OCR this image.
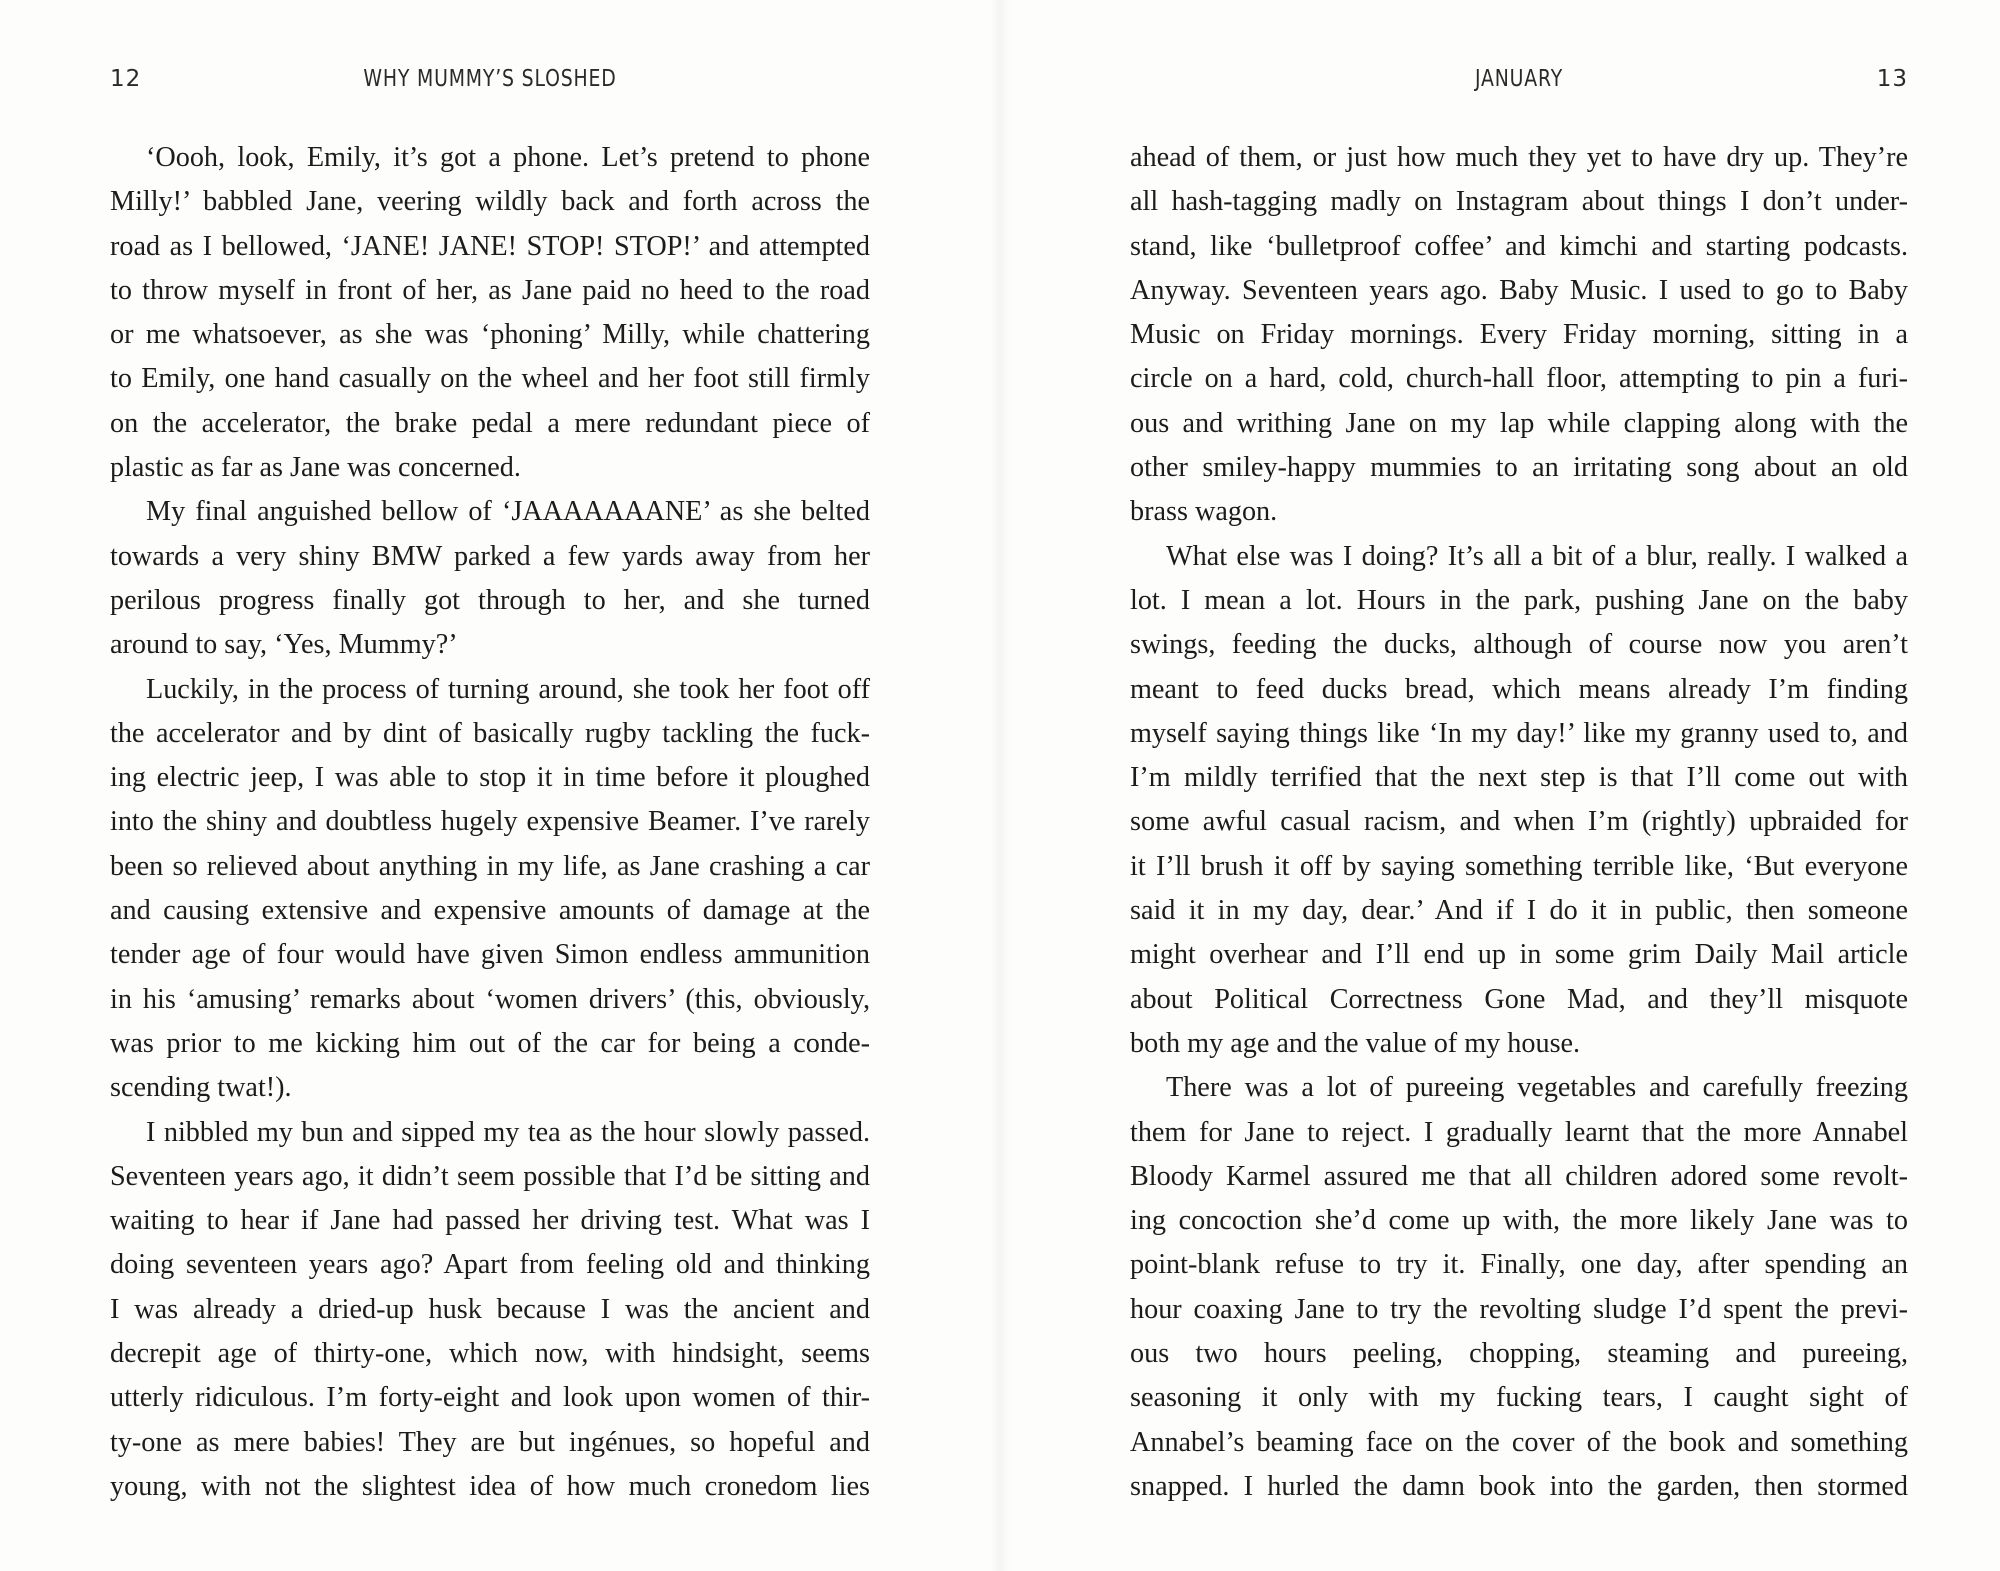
12	WHY MUMMY’S SLOSHED
‘Oooh, look, Emily, it’s got a phone. Let’s pretend to phone
Milly!’ babbled Jane, veering wildly back and forth across the
road as I bellowed, ‘JANE! JANE! STOP! STOP!’ and attempted
to throw myself in front of her, as Jane paid no heed to the road
or me whatsoever, as she was ‘phoning’ Milly, while chattering
to Emily, one hand casually on the wheel and her foot still firmly
on the accelerator, the brake pedal a mere redundant piece of
plastic as far as Jane was concerned.
My final anguished bellow of ‘JAAAAAAANE’ as she belted
towards a very shiny BMW parked a few yards away from her
perilous progress finally got through to her, and she turned
around to say, ‘Yes, Mummy?’
Luckily, in the process of turning around, she took her foot off
the accelerator and by dint of basically rugby tackling the fuck-
ing electric jeep, I was able to stop it in time before it ploughed
into the shiny and doubtless hugely expensive Beamer. I’ve rarely
been so relieved about anything in my life, as Jane crashing a car
and causing extensive and expensive amounts of damage at the
tender age of four would have given Simon endless ammunition
in his ‘amusing’ remarks about ‘women drivers’ (this, obviously,
was prior to me kicking him out of the car for being a conde-
scending twat!).
I nibbled my bun and sipped my tea as the hour slowly passed.
Seventeen years ago, it didn’t seem possible that I’d be sitting and
waiting to hear if Jane had passed her driving test. What was I
doing seventeen years ago? Apart from feeling old and thinking
I was already a dried-up husk because I was the ancient and
decrepit age of thirty-one, which now, with hindsight, seems
utterly ridiculous. I’m forty-eight and look upon women of thir-
ty-one as mere babies! They are but ingénues, so hopeful and
young, with not the slightest idea of how much cronedom lies
JANUARY	13
ahead of them, or just how much they yet to have dry up. They’re
all hash-tagging madly on Instagram about things I don’t under-
stand, like ‘bulletproof coffee’ and kimchi and starting podcasts.
Anyway. Seventeen years ago. Baby Music. I used to go to Baby
Music on Friday mornings. Every Friday morning, sitting in a
circle on a hard, cold, church-hall floor, attempting to pin a furi-
ous and writhing Jane on my lap while clapping along with the
other smiley-happy mummies to an irritating song about an old
brass wagon.
What else was I doing? It’s all a bit of a blur, really. I walked a
lot. I mean a lot. Hours in the park, pushing Jane on the baby
swings, feeding the ducks, although of course now you aren’t
meant to feed ducks bread, which means already I’m finding
myself saying things like ‘In my day!’ like my granny used to, and
I’m mildly terrified that the next step is that I’ll come out with
some awful casual racism, and when I’m (rightly) upbraided for
it I’ll brush it off by saying something terrible like, ‘But everyone
said it in my day, dear.’ And if I do it in public, then someone
might overhear and I’ll end up in some grim Daily Mail article
about Political Correctness Gone Mad, and they’ll misquote
both my age and the value of my house.
There was a lot of pureeing vegetables and carefully freezing
them for Jane to reject. I gradually learnt that the more Annabel
Bloody Karmel assured me that all children adored some revolt-
ing concoction she’d come up with, the more likely Jane was to
point-blank refuse to try it. Finally, one day, after spending an
hour coaxing Jane to try the revolting sludge I’d spent the previ-
ous two hours peeling, chopping, steaming and pureeing,
seasoning it only with my fucking tears, I caught sight of
Annabel’s beaming face on the cover of the book and something
snapped. I hurled the damn book into the garden, then stormed
